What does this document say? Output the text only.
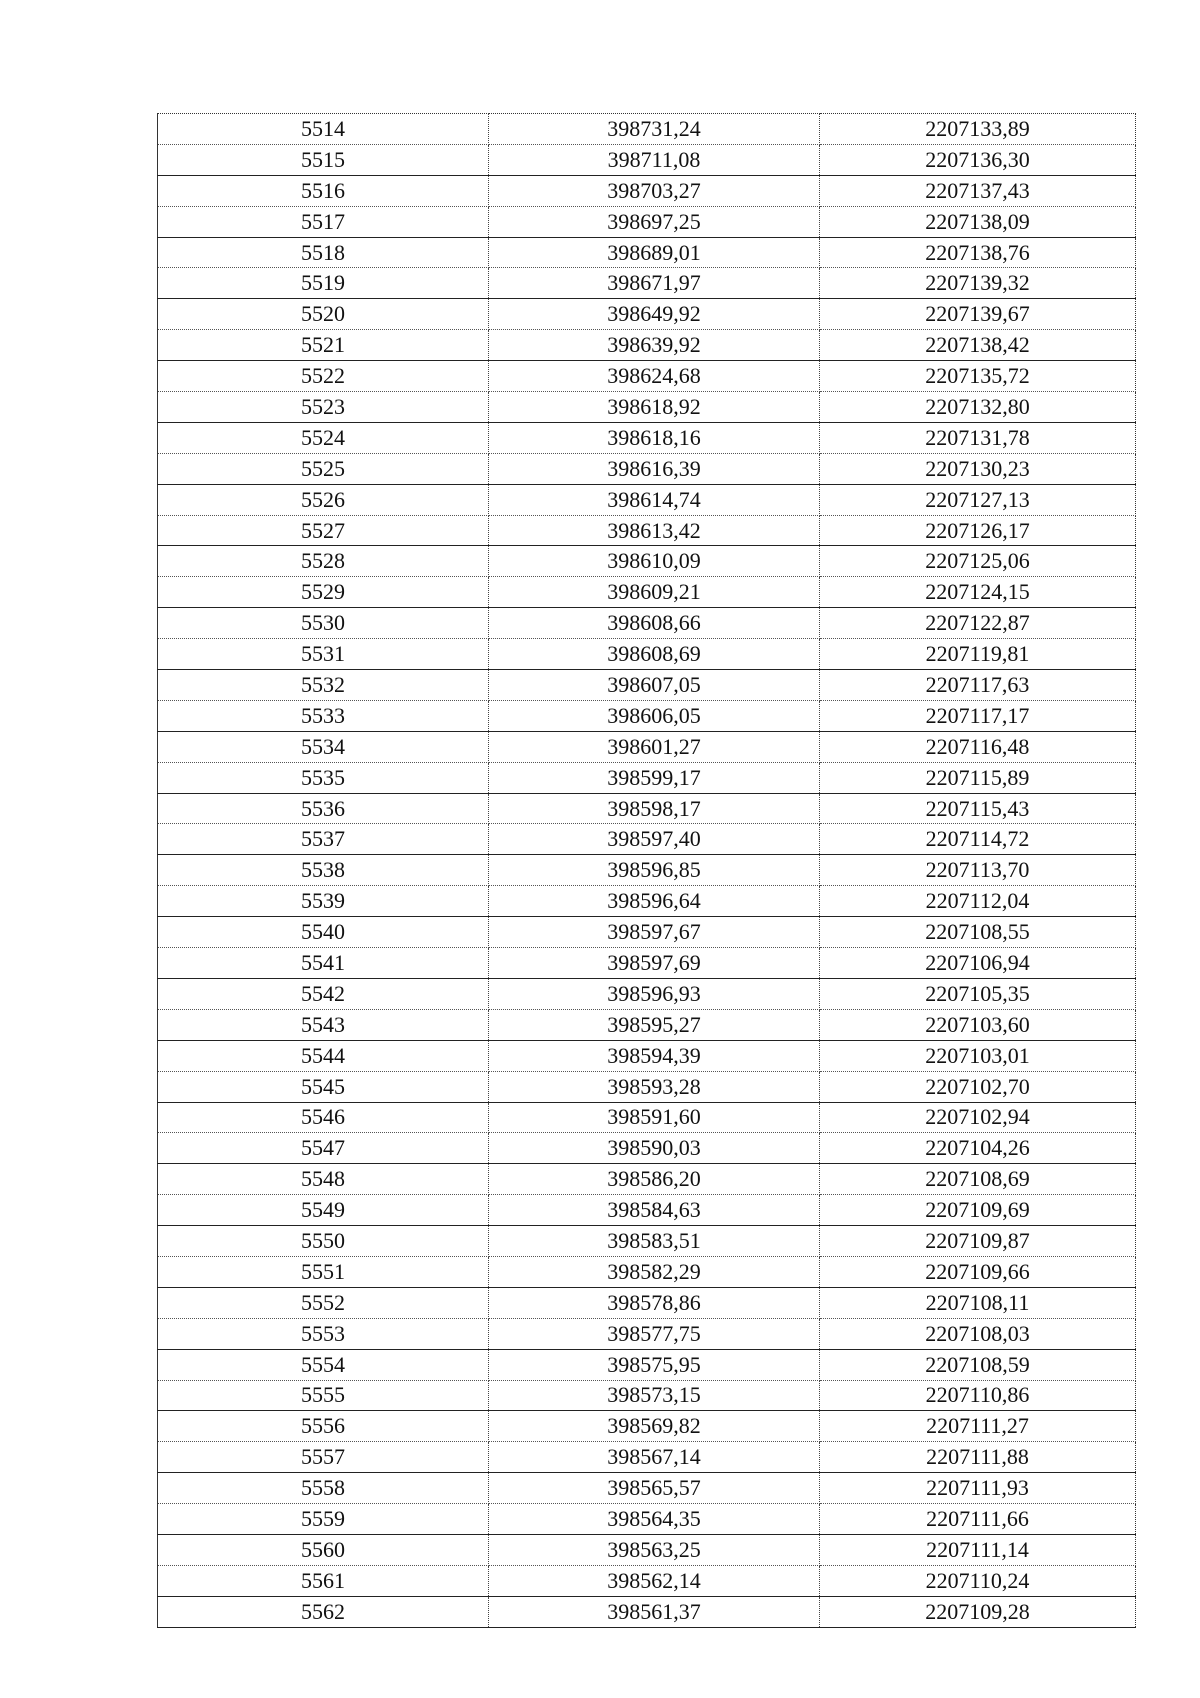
5514	398731,24	2207133,89
5515	398711,08	2207136,30
5516	398703,27	2207137,43
5517	398697,25	2207138,09
5518	398689,01	2207138,76
5519	398671,97	2207139,32
5520	398649,92	2207139,67
5521	398639,92	2207138,42
5522	398624,68	2207135,72
5523	398618,92	2207132,80
5524	398618,16	2207131,78
5525	398616,39	2207130,23
5526	398614,74	2207127,13
5527	398613,42	2207126,17
5528	398610,09	2207125,06
5529	398609,21	2207124,15
5530	398608,66	2207122,87
5531	398608,69	2207119,81
5532	398607,05	2207117,63
5533	398606,05	2207117,17
5534	398601,27	2207116,48
5535	398599,17	2207115,89
5536	398598,17	2207115,43
5537	398597,40	2207114,72
5538	398596,85	2207113,70
5539	398596,64	2207112,04
5540	398597,67	2207108,55
5541	398597,69	2207106,94
5542	398596,93	2207105,35
5543	398595,27	2207103,60
5544	398594,39	2207103,01
5545	398593,28	2207102,70
5546	398591,60	2207102,94
5547	398590,03	2207104,26
5548	398586,20	2207108,69
5549	398584,63	2207109,69
5550	398583,51	2207109,87
5551	398582,29	2207109,66
5552	398578,86	2207108,11
5553	398577,75	2207108,03
5554	398575,95	2207108,59
5555	398573,15	2207110,86
5556	398569,82	2207111,27
5557	398567,14	2207111,88
5558	398565,57	2207111,93
5559	398564,35	2207111,66
5560	398563,25	2207111,14
5561	398562,14	2207110,24
5562	398561,37	2207109,28
